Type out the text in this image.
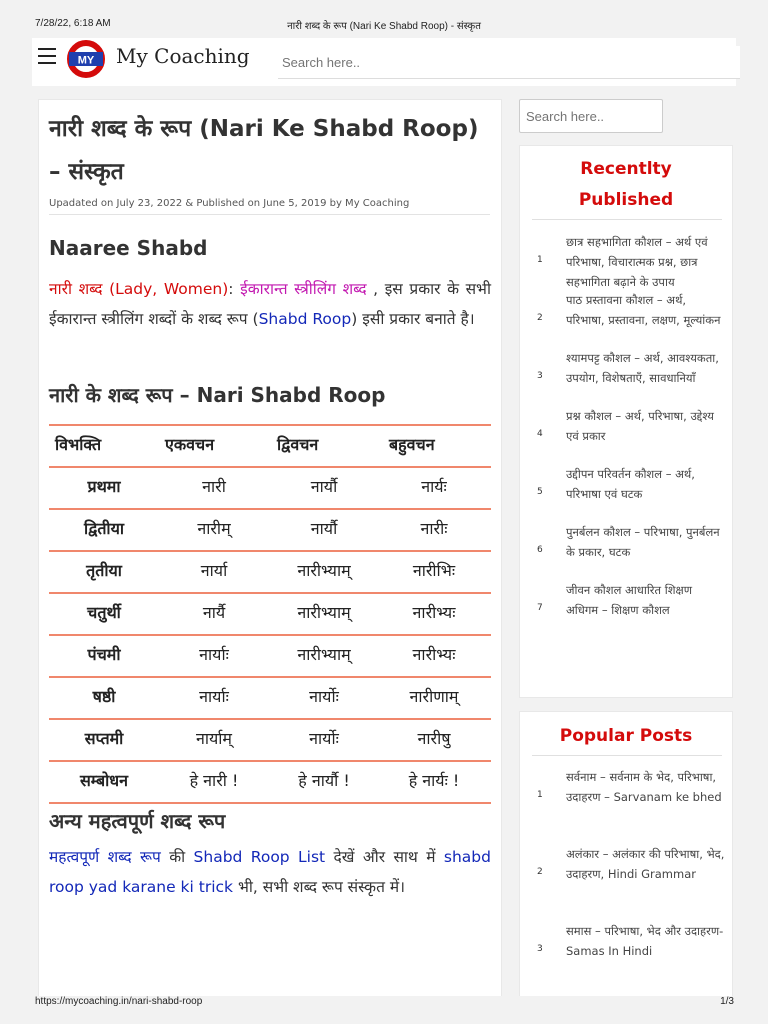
7/28/22, 6:18 AM	नारी शब्द के रूप (Nari Ke Shabd Roop) - संस्कृत
MY My Coaching
Search here..
नारी शब्द के रूप (Nari Ke Shabd Roop) – संस्कृत
Upadated on July 23, 2022 & Published on June 5, 2019 by My Coaching
Naaree Shabd
नारी शब्द (Lady, Women): ईकारान्त स्त्रीलिंग शब्द , इस प्रकार के सभी ईकारान्त स्त्रीलिंग शब्दों के शब्द रूप (Shabd Roop) इसी प्रकार बनाते है।
नारी के शब्द रूप – Nari Shabd Roop
विभक्ति	एकवचन	द्विवचन	बहुवचन
प्रथमा	नारी	नार्यौ	नार्यः
द्वितीया	नारीम्	नार्यौ	नारीः
तृतीया	नार्या	नारीभ्याम्	नारीभिः
चतुर्थी	नार्यै	नारीभ्याम्	नारीभ्यः
पंचमी	नार्याः	नारीभ्याम्	नारीभ्यः
षष्ठी	नार्याः	नार्योः	नारीणाम्
सप्तमी	नार्याम्	नार्योः	नारीषु
सम्बोधन	हे नारी !	हे नार्यौ !	हे नार्यः !
अन्य महत्वपूर्ण शब्द रूप
महत्वपूर्ण शब्द रूप की Shabd Roop List देखें और साथ में shabd roop yad karane ki trick भी, सभी शब्द रूप संस्कृत में।
Search here..
Recentlty
Published
1
छात्र सहभागिता कौशल – अर्थ एवं परिभाषा, विचारात्मक प्रश्न, छात्र सहभागिता बढ़ाने के उपाय
2
पाठ प्रस्तावना कौशल – अर्थ, परिभाषा, प्रस्तावना, लक्षण, मूल्यांकन
3
श्यामपट्ट कौशल – अर्थ, आवश्यकता, उपयोग, विशेषताएँ, सावधानियाँ
4
प्रश्न कौशल – अर्थ, परिभाषा, उद्देश्य एवं प्रकार
5
उद्दीपन परिवर्तन कौशल – अर्थ, परिभाषा एवं घटक
6
पुनर्बलन कौशल – परिभाषा, पुनर्बलन के प्रकार, घटक
7
जीवन कौशल आधारित शिक्षण अधिगम – शिक्षण कौशल
Popular Posts
1
सर्वनाम – सर्वनाम के भेद, परिभाषा, उदाहरण – Sarvanam ke bhed
2
अलंकार – अलंकार की परिभाषा, भेद, उदाहरण, Hindi Grammar
3
समास – परिभाषा, भेद और उदाहरण- Samas In Hindi
https://mycoaching.in/nari-shabd-roop	1/3
